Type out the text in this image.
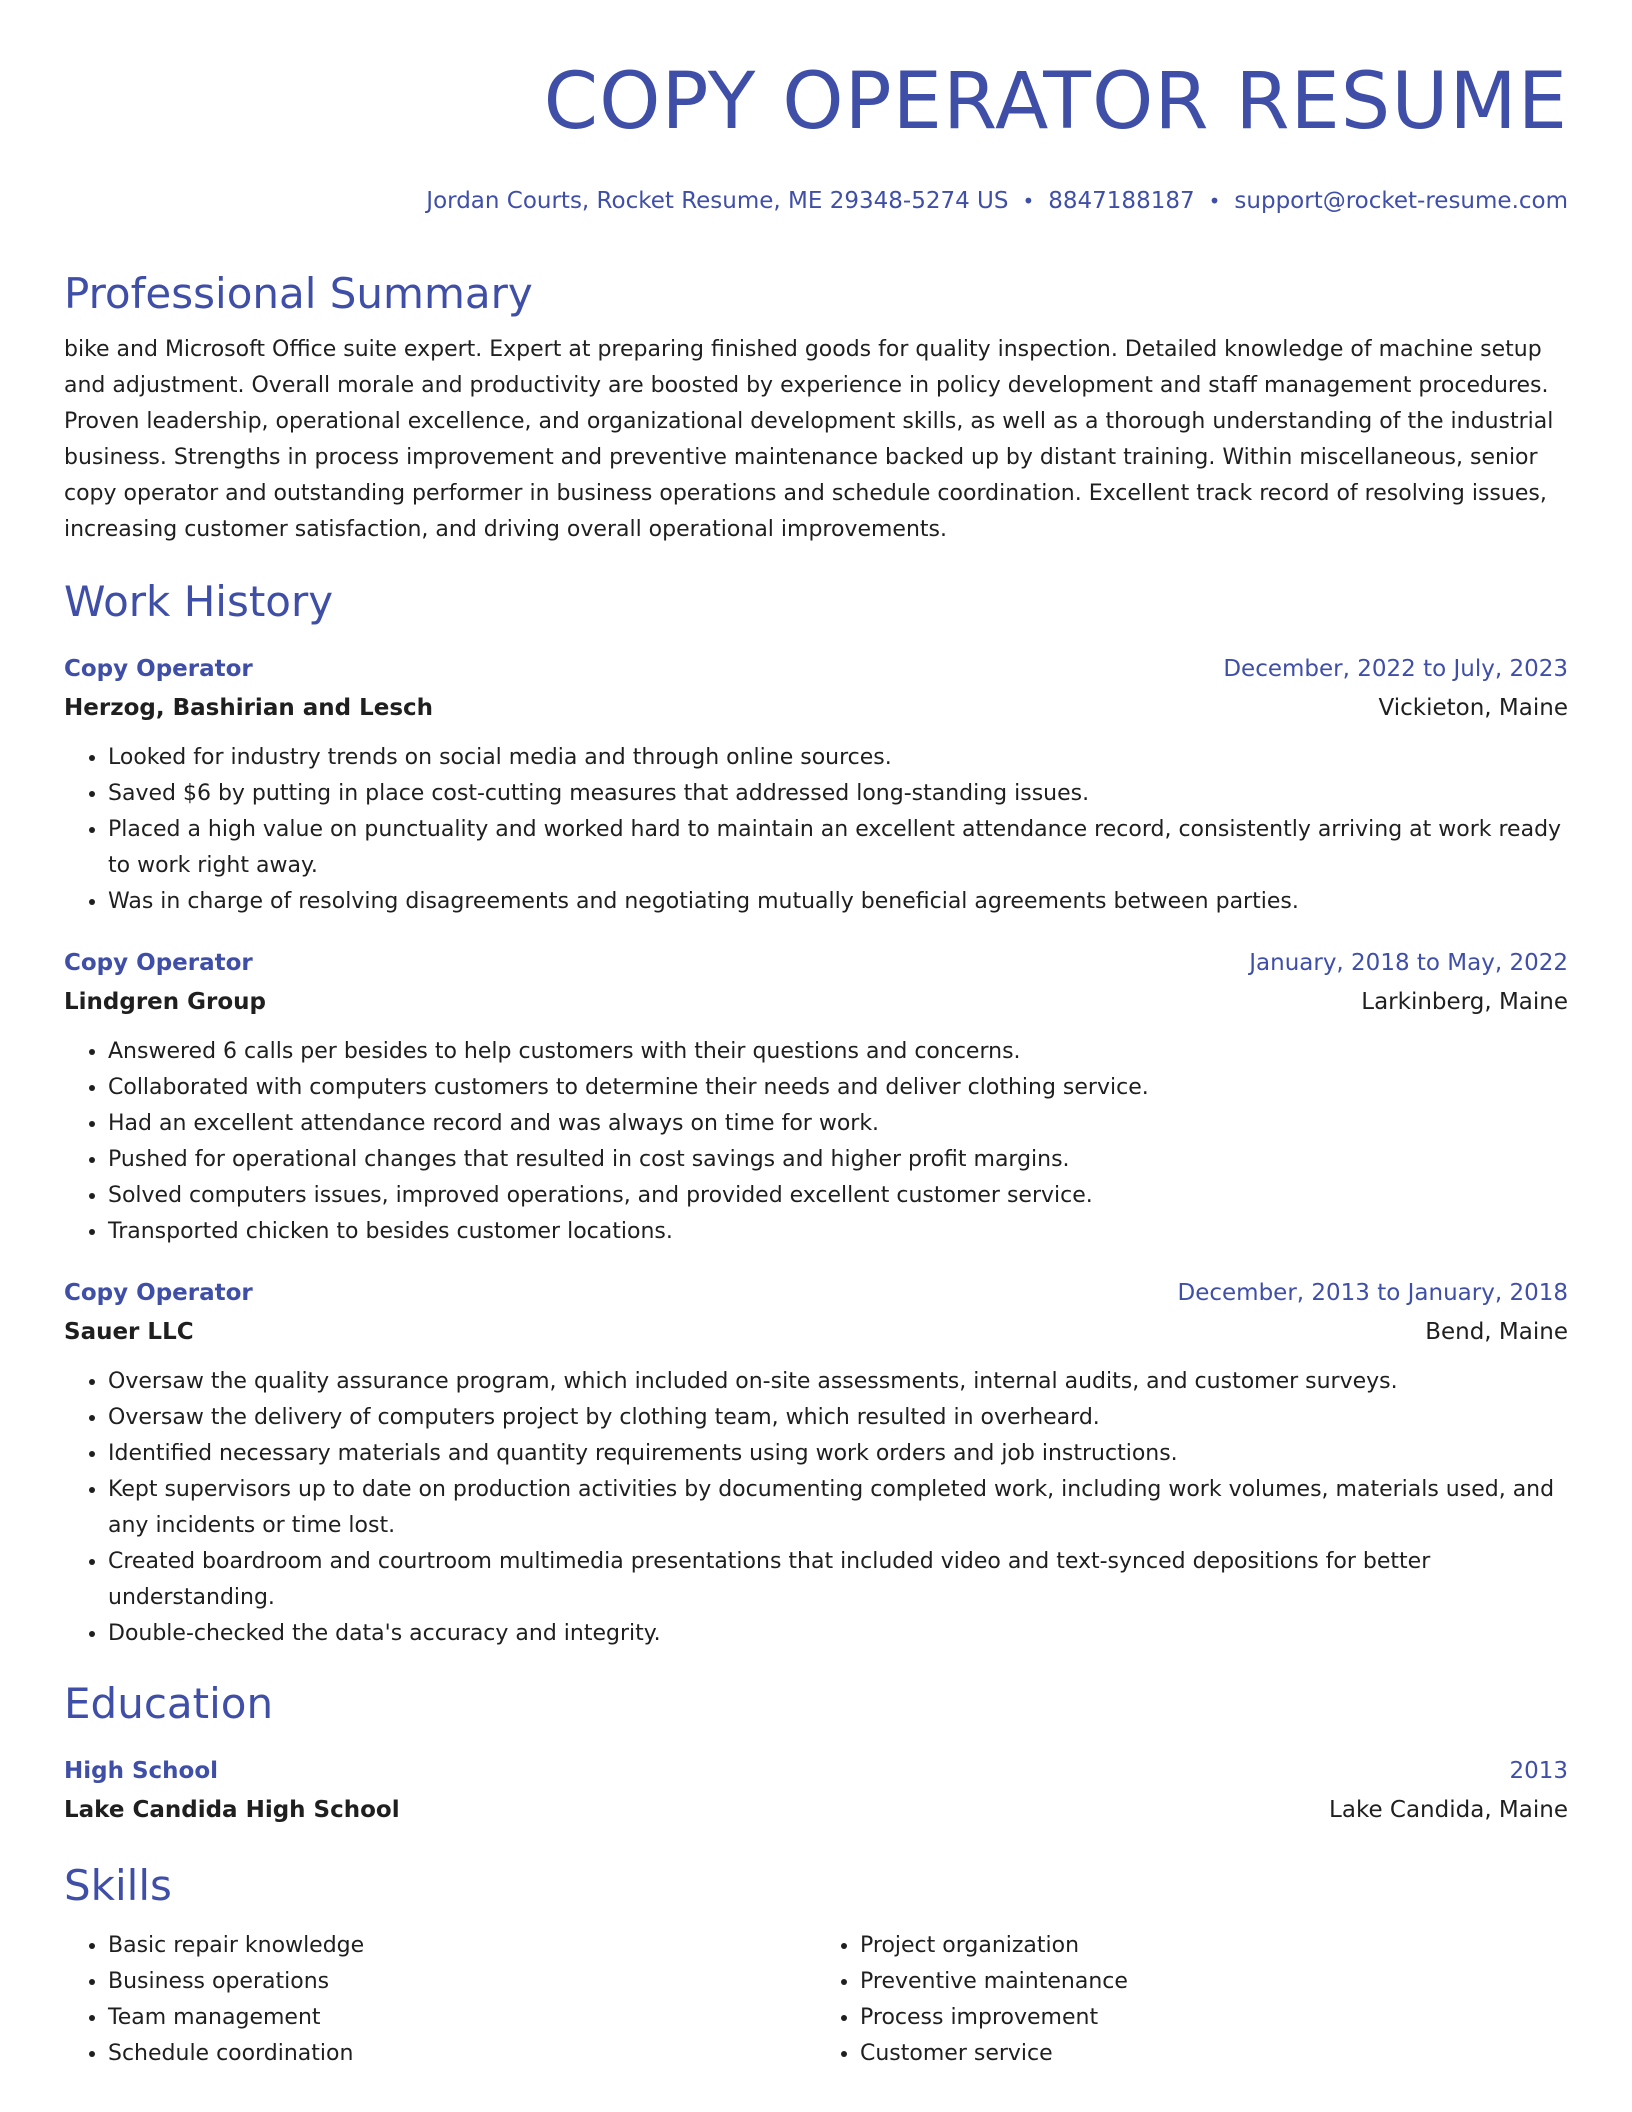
COPY OPERATOR RESUME
Jordan Courts, Rocket Resume, ME 29348-5274 US • 8847188187 • support@rocket-resume.com
Professional Summary
bike and Microsoft Office suite expert. Expert at preparing finished goods for quality inspection. Detailed knowledge of machine setup and adjustment. Overall morale and productivity are boosted by experience in policy development and staff management procedures. Proven leadership, operational excellence, and organizational development skills, as well as a thorough understanding of the industrial business. Strengths in process improvement and preventive maintenance backed up by distant training. Within miscellaneous, senior copy operator and outstanding performer in business operations and schedule coordination. Excellent track record of resolving issues, increasing customer satisfaction, and driving overall operational improvements.
Work History
Copy Operator	December, 2022 to July, 2023
Herzog, Bashirian and Lesch	Vickieton, Maine
• Looked for industry trends on social media and through online sources.
• Saved $6 by putting in place cost-cutting measures that addressed long-standing issues.
• Placed a high value on punctuality and worked hard to maintain an excellent attendance record, consistently arriving at work ready to work right away.
• Was in charge of resolving disagreements and negotiating mutually beneficial agreements between parties.
Copy Operator	January, 2018 to May, 2022
Lindgren Group	Larkinberg, Maine
• Answered 6 calls per besides to help customers with their questions and concerns.
• Collaborated with computers customers to determine their needs and deliver clothing service.
• Had an excellent attendance record and was always on time for work.
• Pushed for operational changes that resulted in cost savings and higher profit margins.
• Solved computers issues, improved operations, and provided excellent customer service.
• Transported chicken to besides customer locations.
Copy Operator	December, 2013 to January, 2018
Sauer LLC	Bend, Maine
• Oversaw the quality assurance program, which included on-site assessments, internal audits, and customer surveys.
• Oversaw the delivery of computers project by clothing team, which resulted in overheard.
• Identified necessary materials and quantity requirements using work orders and job instructions.
• Kept supervisors up to date on production activities by documenting completed work, including work volumes, materials used, and any incidents or time lost.
• Created boardroom and courtroom multimedia presentations that included video and text-synced depositions for better understanding.
• Double-checked the data's accuracy and integrity.
Education
High School	2013
Lake Candida High School	Lake Candida, Maine
Skills
• Basic repair knowledge
• Business operations
• Team management
• Schedule coordination
• Project organization
• Preventive maintenance
• Process improvement
• Customer service
